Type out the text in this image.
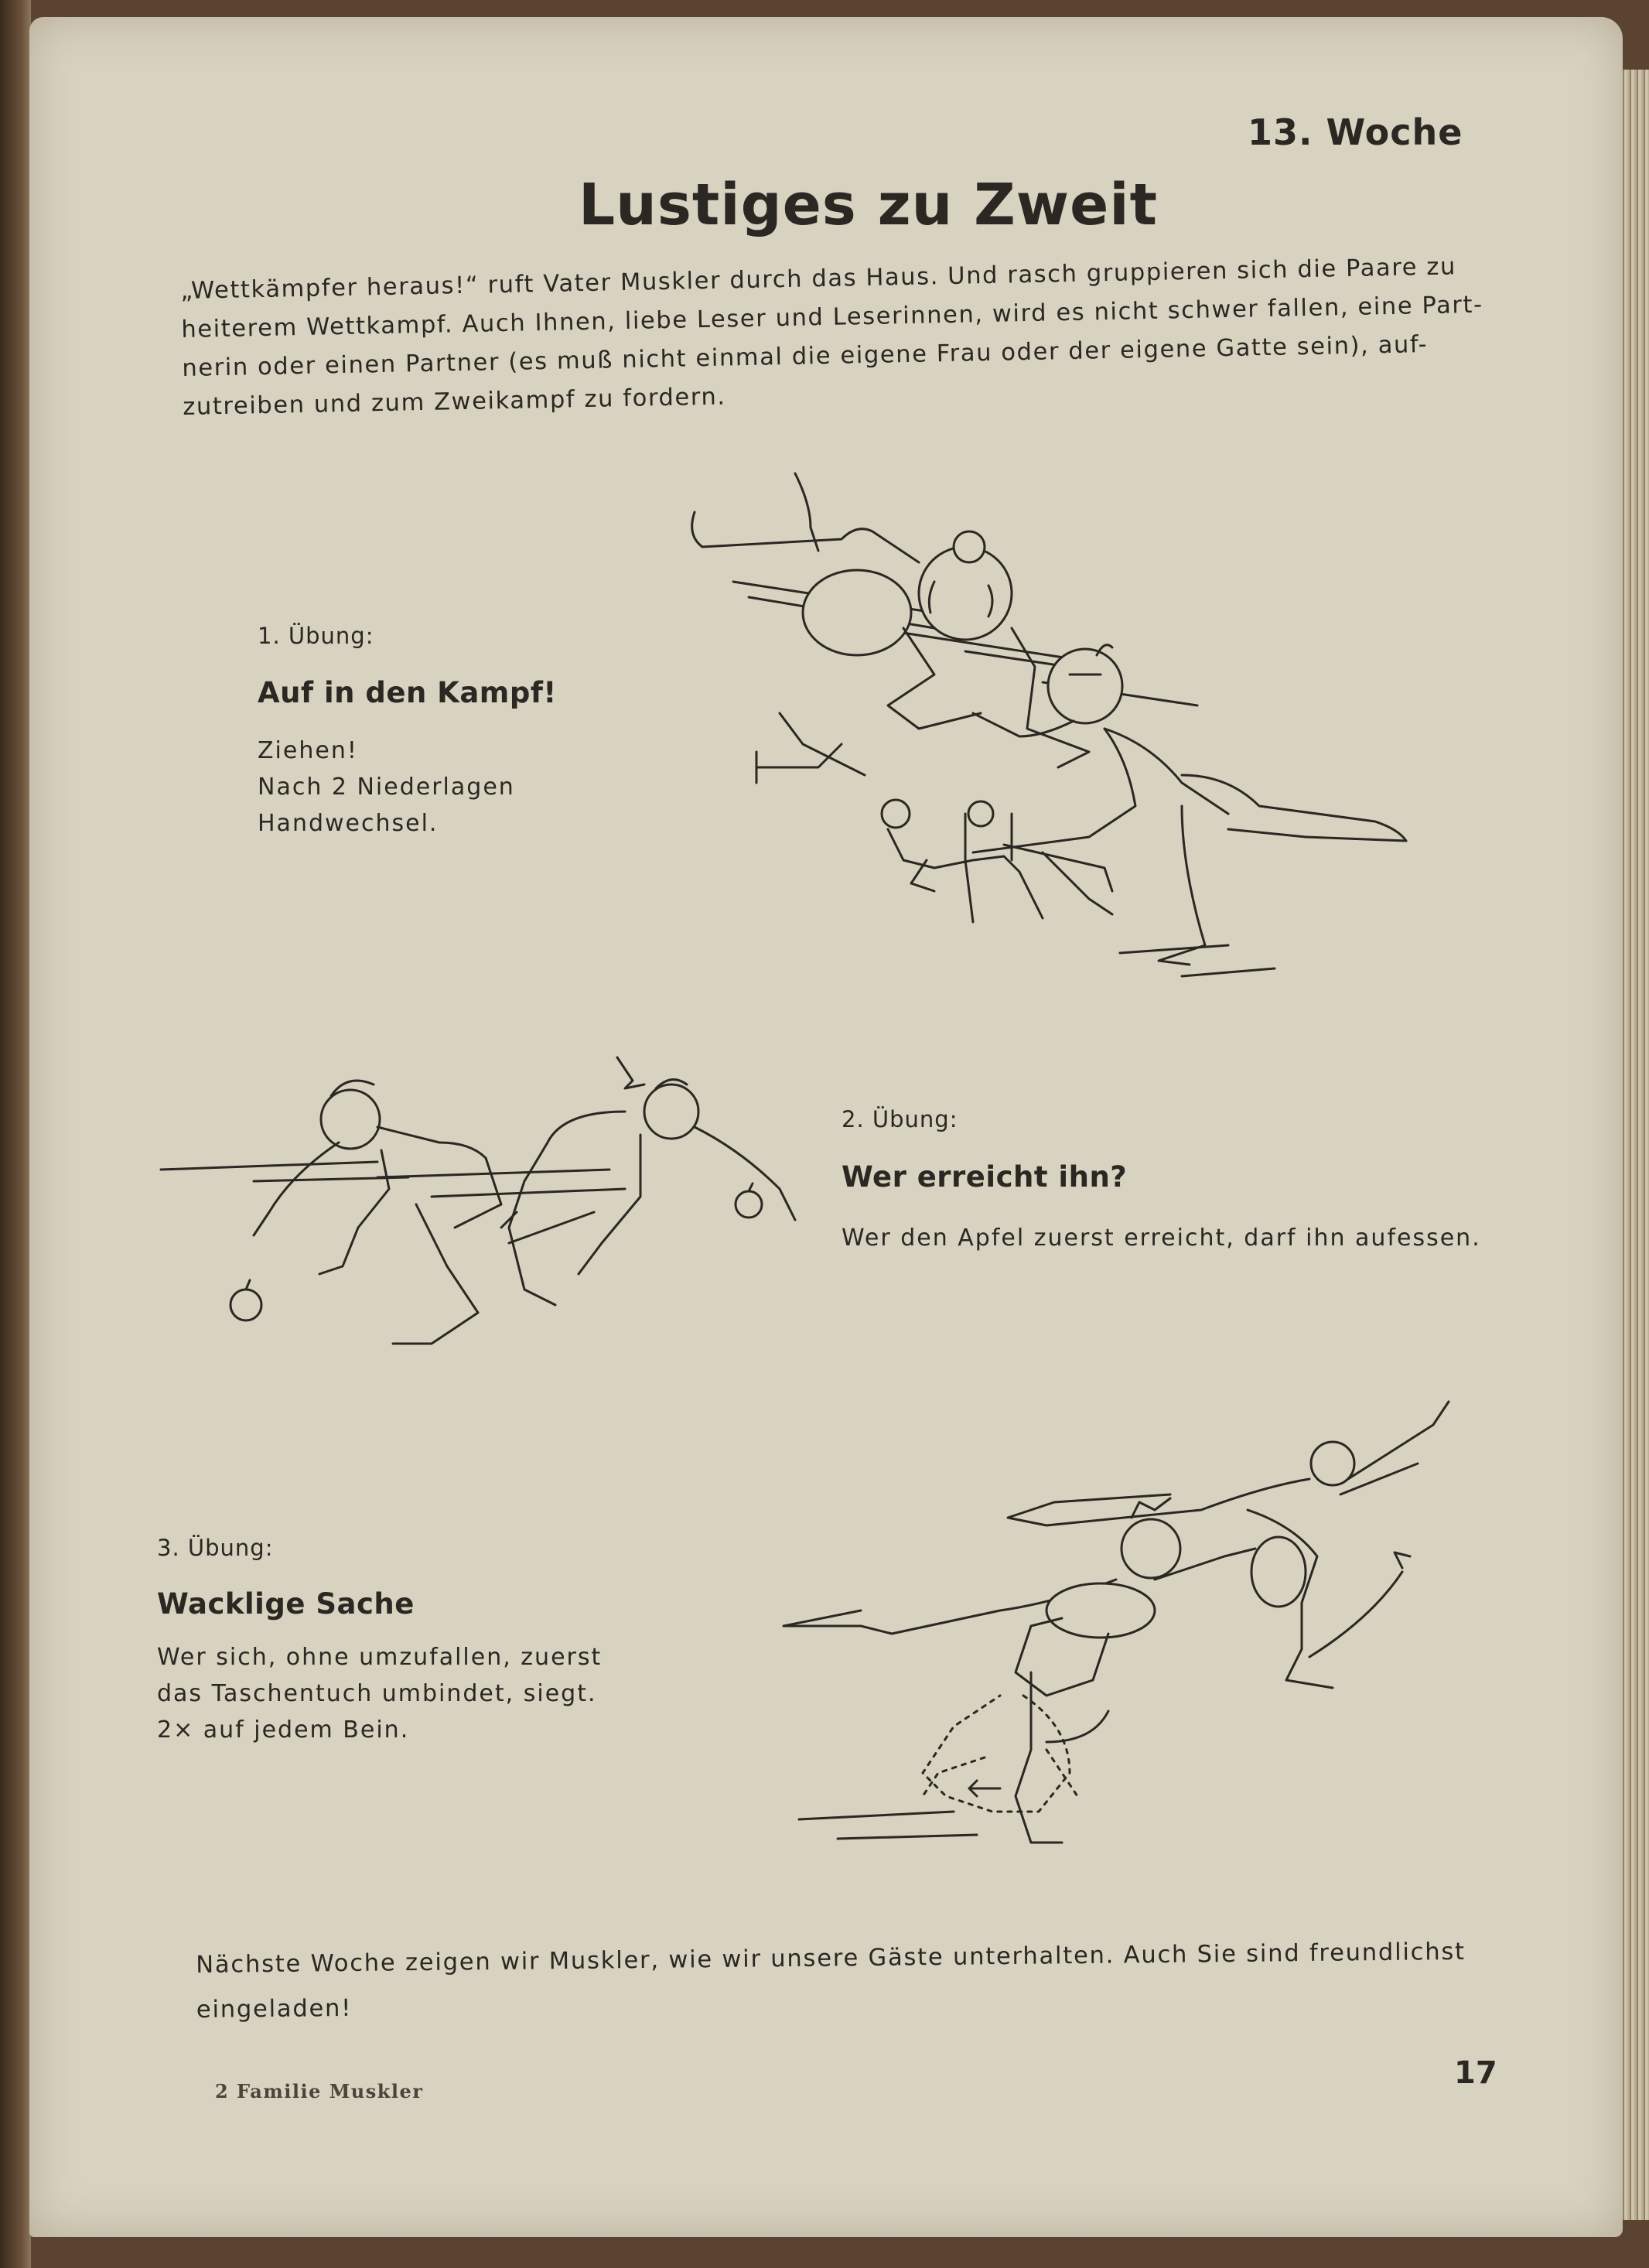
13. Woche
Lustiges zu Zweit
„Wettkämpfer heraus!“ ruft Vater Muskler durch das Haus. Und rasch gruppieren sich die Paare zu
heiterem Wettkampf. Auch Ihnen, liebe Leser und Leserinnen, wird es nicht schwer fallen, eine Part-
nerin oder einen Partner (es muß nicht einmal die eigene Frau oder der eigene Gatte sein), auf-
zutreiben und zum Zweikampf zu fordern.
1. Übung:
Auf in den Kampf!
Ziehen!
Nach 2 Niederlagen
Handwechsel.
2. Übung:
Wer erreicht ihn?
Wer den Apfel zuerst erreicht, darf ihn aufessen.
3. Übung:
Wacklige Sache
Wer sich, ohne umzufallen, zuerst
das Taschentuch umbindet, siegt.
2× auf jedem Bein.
Nächste Woche zeigen wir Muskler, wie wir unsere Gäste unterhalten. Auch Sie sind freundlichst
eingeladen!
2 Familie Muskler
17
